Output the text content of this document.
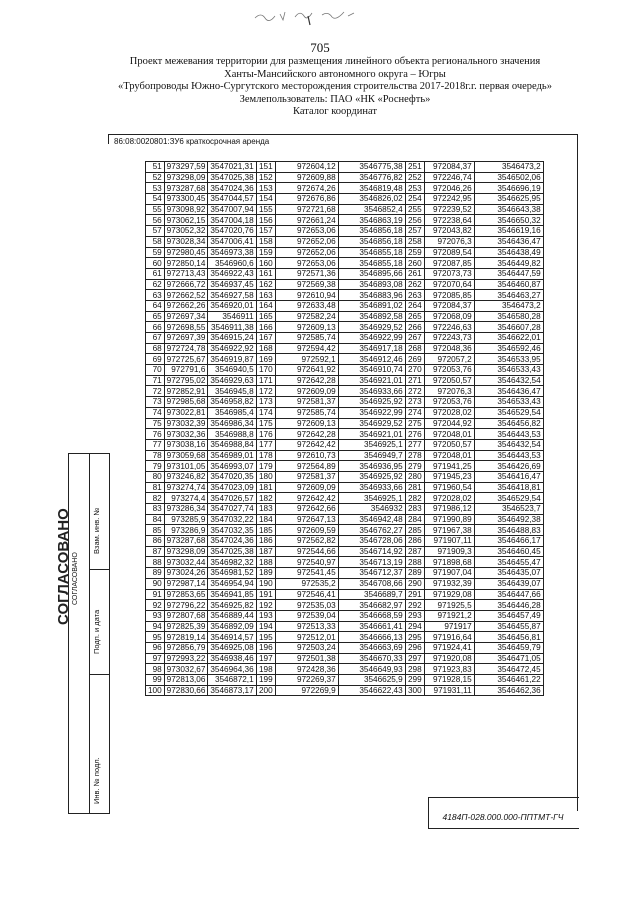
705
Проект межевания территории для размещения линейного объекта регионального значения
Ханты-Мансийского автономного округа – Югры
«Трубопроводы Южно-Сургутского месторождения строительства 2017-2018г.г. первая очередь»
Землепользователь: ПАО «НК «Роснефть»
Каталог координат
86:08:0020801:ЗУ6 краткосрочная аренда
51	973297,59	3547021,31	151	972604,12	3546775,38	251	972084,37	3546473,2
52	973298,09	3547025,38	152	972609,88	3546776,82	252	972246,74	3546502,06
53	973287,68	3547024,36	153	972674,26	3546819,48	253	972046,26	3546696,19
54	973300,45	3547044,57	154	972676,86	3546826,02	254	972242,95	3546625,95
55	973098,92	3547007,94	155	972721,68	3546852,4	255	972239,52	3546643,38
56	973062,15	3547004,18	156	972661,24	3546863,19	256	972238,64	3546650,32
57	973052,32	3547020,76	157	972653,06	3546856,18	257	972043,82	3546619,16
58	973028,34	3547006,41	158	972652,06	3546856,18	258	972076,3	3546436,47
59	972980,45	3546973,38	159	972652,06	3546855,18	259	972089,54	3546438,49
60	972850,14	3546960,6	160	972653,06	3546855,18	260	972087,85	3546449,82
61	972713,43	3546922,43	161	972571,36	3546895,66	261	972073,73	3546447,59
62	972666,72	3546937,45	162	972569,38	3546893,08	262	972070,64	3546460,87
63	972662,52	3546927,58	163	972610,94	3546883,96	263	972085,85	3546463,27
64	972662,26	3546920,01	164	972633,48	3546891,02	264	972084,37	3546473,2
65	972697,34	3546911	165	972582,24	3546892,58	265	972068,09	3546580,28
66	972698,55	3546911,38	166	972609,13	3546929,52	266	972246,63	3546607,28
67	972697,39	3546915,24	167	972585,74	3546922,99	267	972243,73	3546622,01
68	972724,78	3546922,92	168	972594,42	3546917,18	268	972048,36	3546592,46
69	972725,67	3546919,87	169	972592,1	3546912,46	269	972057,2	3546533,95
70	972791,6	3546940,5	170	972641,92	3546910,74	270	972053,76	3546533,43
71	972795,02	3546929,63	171	972642,28	3546921,01	271	972050,57	3546432,54
72	972852,91	3546945,8	172	972609,09	3546933,66	272	972076,3	3546436,47
73	972985,68	3546958,82	173	972581,37	3546925,92	273	972053,76	3546533,43
74	973022,81	3546985,4	174	972585,74	3546922,99	274	972028,02	3546529,54
75	973032,39	3546986,34	175	972609,13	3546929,52	275	972044,92	3546456,82
76	973032,36	3546988,8	176	972642,28	3546921,01	276	972048,01	3546443,53
77	973038,16	3546988,84	177	972642,42	3546925,1	277	972050,57	3546432,54
78	973059,68	3546989,01	178	972610,73	3546949,7	278	972048,01	3546443,53
79	973101,05	3546993,07	179	972564,89	3546936,95	279	971941,25	3546426,69
80	973246,82	3547020,35	180	972581,37	3546925,92	280	971945,23	3546416,47
81	973274,74	3547023,09	181	972609,09	3546933,66	281	971960,54	3546418,81
82	973274,4	3547026,57	182	972642,42	3546925,1	282	972028,02	3546529,54
83	973286,34	3547027,74	183	972642,66	3546932	283	971986,12	3546523,7
84	973285,9	3547032,22	184	972647,13	3546942,48	284	971990,89	3546492,38
85	973286,9	3547032,35	185	972609,59	3546762,27	285	971967,38	3546488,83
86	973287,68	3547024,36	186	972562,82	3546728,06	286	971907,11	3546466,17
87	973298,09	3547025,38	187	972544,66	3546714,92	287	971909,3	3546460,45
88	973032,44	3546982,32	188	972540,97	3546713,19	288	971898,68	3546455,47
89	973024,26	3546981,52	189	972541,45	3546712,37	289	971907,04	3546435,07
90	972987,14	3546954,94	190	972535,2	3546708,66	290	971932,39	3546439,07
91	972853,65	3546941,85	191	972546,41	3546689,7	291	971929,08	3546447,66
92	972796,22	3546925,82	192	972535,03	3546682,97	292	971925,5	3546446,28
93	972807,68	3546889,44	193	972539,04	3546668,59	293	971921,2	3546457,49
94	972825,39	3546892,09	194	972513,33	3546661,41	294	971917	3546455,87
95	972819,14	3546914,57	195	972512,01	3546666,13	295	971916,64	3546456,81
96	972856,79	3546925,08	196	972503,24	3546663,69	296	971924,41	3546459,79
97	972993,22	3546938,46	197	972501,38	3546670,33	297	971920,08	3546471,05
98	973032,67	3546964,36	198	972428,36	3546649,93	298	971923,83	3546472,45
99	972813,06	3546872,1	199	972269,37	3546625,9	299	971928,15	3546461,22
100	972830,66	3546873,17	200	972269,9	3546622,43	300	971931,11	3546462,36
Взам. инв. №
Подп. и дата
Инв. № подл.
СОГЛАСОВАНО СОГЛАСОВАНО
4184П-028.000.000-ППТМТ-ГЧ
